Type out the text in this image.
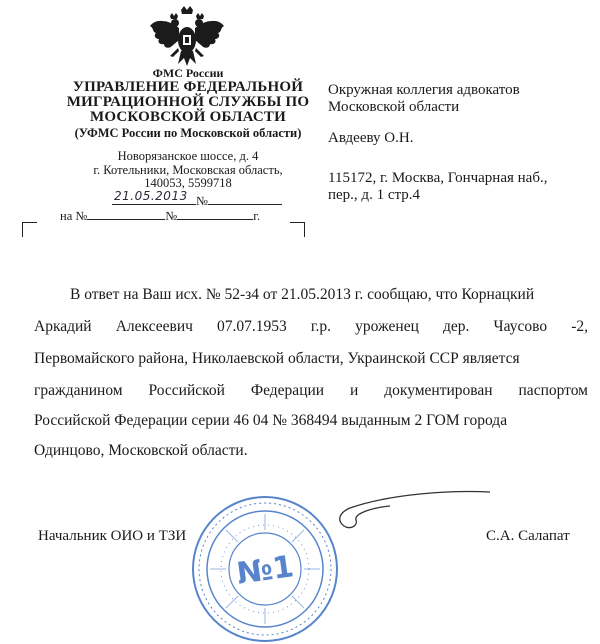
ФМС России
УПРАВЛЕНИЕ ФЕДЕРАЛЬНОЙ
МИГРАЦИОННОЙ СЛУЖБЫ ПО
МОСКОВСКОЙ ОБЛАСТИ
(УФМС России по Московской области)
Новорязанское шоссе, д. 4
г. Котельники, Московская область,
140053, 5599718
21.05.2013 №
на №	№	г.
Окружная коллегия адвокатов
Московской области
Авдееву О.Н.
115172, г. Москва, Гончарная наб.,
пер., д. 1 стр.4
В ответ на Ваш исх. № 52-з4 от 21.05.2013 г. сообщаю, что Корнацкий
Аркадий Алексеевич 07.07.1953 г.р. уроженец дер. Чаусово -2,
Первомайского района, Николаевской области, Украинской ССР является
гражданином Российской Федерации и документирован паспортом
Российской Федерации серии 46 04 № 368494 выданным 2 ГОМ города
Одинцово, Московской области.
Начальник ОИО и ТЗИ	С.А. Салапат
№1
